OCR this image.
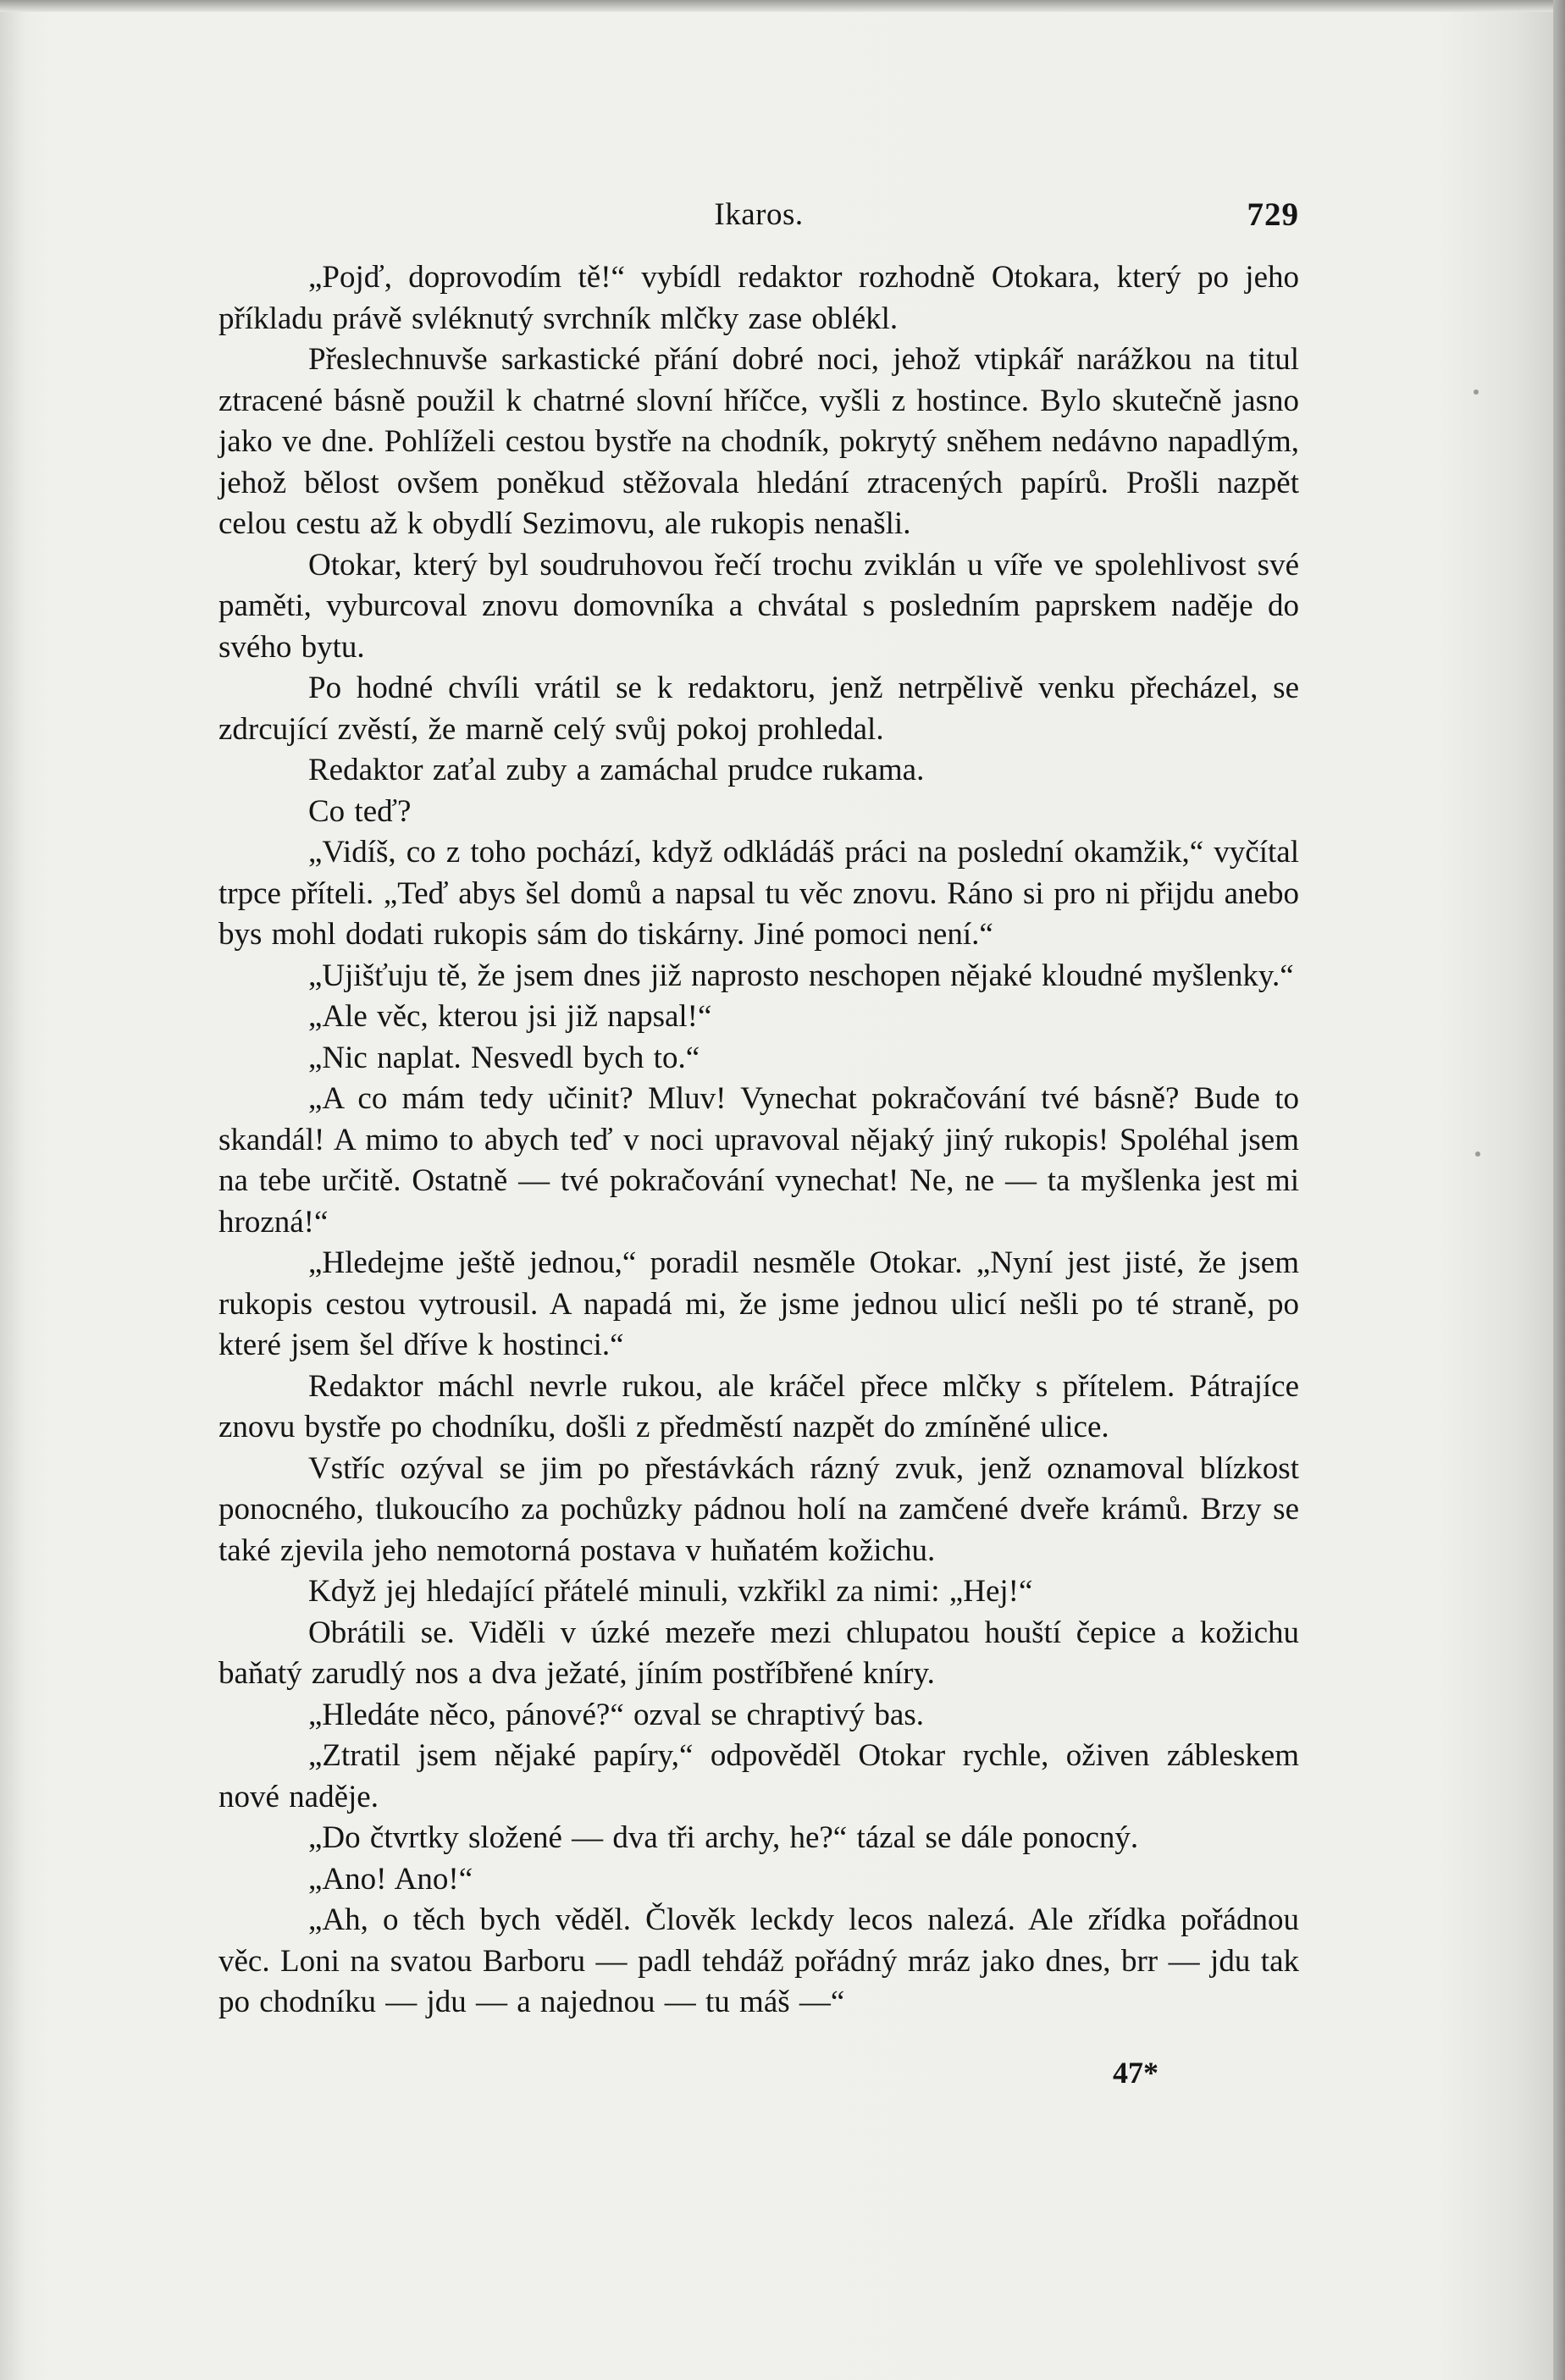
Ikaros.	729

„Pojď, doprovodím tě!“ vybídl redaktor rozhodně Otokara, který po jeho příkladu právě svléknutý svrchník mlčky zase oblékl.

Přeslechnuvše sarkastické přání dobré noci, jehož vtipkář narážkou na titul ztracené básně použil k chatrné slovní hříčce, vyšli z hostince. Bylo skutečně jasno jako ve dne. Pohlíželi cestou bystře na chodník, pokrytý sněhem nedávno napadlým, jehož bělost ovšem poněkud stěžovala hledání ztracených papírů. Prošli nazpět celou cestu až k obydlí Sezimovu, ale rukopis nenašli.

Otokar, který byl soudruhovou řečí trochu zviklán u víře ve spolehlivost své paměti, vyburcoval znovu domovníka a chvátal s posledním paprskem naděje do svého bytu.

Po hodné chvíli vrátil se k redaktoru, jenž netrpělivě venku přecházel, se zdrcující zvěstí, že marně celý svůj pokoj prohledal.

Redaktor zaťal zuby a zamáchal prudce rukama.

Co teď?

„Vidíš, co z toho pochází, když odkládáš práci na poslední okamžik,“ vyčítal trpce příteli. „Teď abys šel domů a napsal tu věc znovu. Ráno si pro ni přijdu anebo bys mohl dodati rukopis sám do tiskárny. Jiné pomoci není.“

„Ujišťuju tě, že jsem dnes již naprosto neschopen nějaké kloudné myšlenky.“

„Ale věc, kterou jsi již napsal!“

„Nic naplat. Nesvedl bych to.“

„A co mám tedy učinit? Mluv! Vynechat pokračování tvé básně? Bude to skandál! A mimo to abych teď v noci upravoval nějaký jiný rukopis! Spoléhal jsem na tebe určitě. Ostatně — tvé pokračování vynechat! Ne, ne — ta myšlenka jest mi hrozná!“

„Hledejme ještě jednou,“ poradil nesměle Otokar. „Nyní jest jisté, že jsem rukopis cestou vytrousil. A napadá mi, že jsme jednou ulicí nešli po té straně, po které jsem šel dříve k hostinci.“

Redaktor máchl nevrle rukou, ale kráčel přece mlčky s přítelem. Pátrajíce znovu bystře po chodníku, došli z předměstí nazpět do zmíněné ulice.

Vstříc ozýval se jim po přestávkách rázný zvuk, jenž oznamoval blízkost ponocného, tlukoucího za pochůzky pádnou holí na zamčené dveře krámů. Brzy se také zjevila jeho nemotorná postava v huňatém kožichu.

Když jej hledající přátelé minuli, vzkřikl za nimi: „Hej!“

Obrátili se. Viděli v úzké mezeře mezi chlupatou houští čepice a kožichu baňatý zarudlý nos a dva ježaté, jíním postříbřené kníry.

„Hledáte něco, pánové?“ ozval se chraptivý bas.

„Ztratil jsem nějaké papíry,“ odpověděl Otokar rychle, oživen zábleskem nové naděje.

„Do čtvrtky složené — dva tři archy, he?“ tázal se dále ponocný.

„Ano! Ano!“

„Ah, o těch bych věděl. Člověk leckdy lecos nalezá. Ale zřídka pořádnou věc. Loni na svatou Barboru — padl tehdáž pořádný mráz jako dnes, brr — jdu tak po chodníku — jdu — a najednou — tu máš —“

47*
